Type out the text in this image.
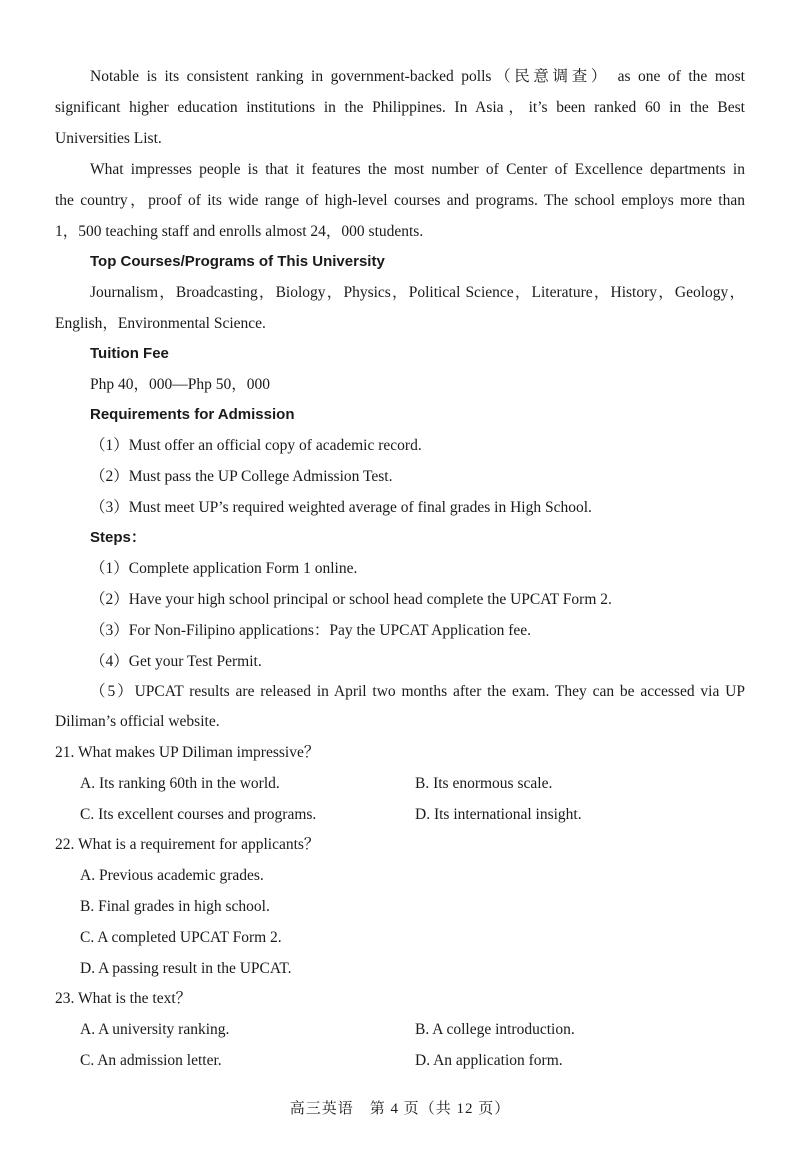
Notable is its consistent ranking in government-backed polls（民意调查） as one of the most
significant higher education institutions in the Philippines. In Asia，it’s been ranked 60 in the Best
Universities List.
What impresses people is that it features the most number of Center of Excellence departments in
the country，proof of its wide range of high-level courses and programs. The school employs more than
1，500 teaching staff and enrolls almost 24，000 students.
Top Courses/Programs of This University
Journalism，Broadcasting，Biology，Physics，Political Science，Literature，History，Geology，
English，Environmental Science.
Tuition Fee
Php 40，000—Php 50，000
Requirements for Admission
（1）Must offer an official copy of academic record.
（2）Must pass the UP College Admission Test.
（3）Must meet UP’s required weighted average of final grades in High School.
Steps：
（1）Complete application Form 1 online.
（2）Have your high school principal or school head complete the UPCAT Form 2.
（3）For Non-Filipino applications：Pay the UPCAT Application fee.
（4）Get your Test Permit.
（5）UPCAT results are released in April two months after the exam. They can be accessed via UP
Diliman’s official website.
21. What makes UP Diliman impressive？
A. Its ranking 60th in the world.	B. Its enormous scale.
C. Its excellent courses and programs.	D. Its international insight.
22. What is a requirement for applicants？
A. Previous academic grades.
B. Final grades in high school.
C. A completed UPCAT Form 2.
D. A passing result in the UPCAT.
23. What is the text？
A. A university ranking.	B. A college introduction.
C. An admission letter.	D. An application form.
高三英语　第 4 页（共 12 页）
